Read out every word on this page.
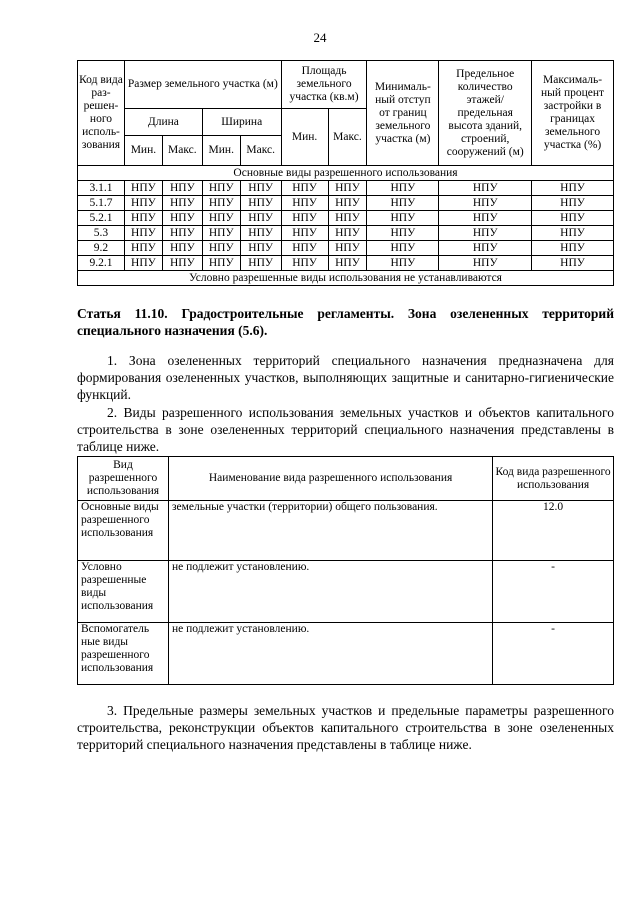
24
Код вида раз-решен-ного исполь-зования	Размер земельного участка (м)				Площадь земельного участка (кв.м)		Минималь-ный отступ от границ земельного участка (м)	Предельное количество этажей/ предельная высота зданий, строений, сооружений (м)	Максималь-ный процент застройки в границах земельного участка (%)
	Длина		Ширина		Мин.	Макс.			
	Мин.	Макс.	Мин.	Макс.					
Основные виды разрешенного использования									
3.1.1	НПУ	НПУ	НПУ	НПУ	НПУ	НПУ	НПУ	НПУ	НПУ
5.1.7	НПУ	НПУ	НПУ	НПУ	НПУ	НПУ	НПУ	НПУ	НПУ
5.2.1	НПУ	НПУ	НПУ	НПУ	НПУ	НПУ	НПУ	НПУ	НПУ
5.3	НПУ	НПУ	НПУ	НПУ	НПУ	НПУ	НПУ	НПУ	НПУ
9.2	НПУ	НПУ	НПУ	НПУ	НПУ	НПУ	НПУ	НПУ	НПУ
9.2.1	НПУ	НПУ	НПУ	НПУ	НПУ	НПУ	НПУ	НПУ	НПУ
Условно разрешенные виды использования не устанавливаются									
Статья 11.10. Градостроительные регламенты. Зона озелененных территорий специального назначения (5.6).
1. Зона озелененных территорий специального назначения предназначена для формирования озелененных участков, выполняющих защитные и санитарно-гигиенические функций.
2. Виды разрешенного использования земельных участков и объектов капитального строительства в зоне озелененных территорий специального назначения представлены в таблице ниже.
Вид разрешенного использования	Наименование вида разрешенного использования	Код вида разрешенного использования
Основные виды разрешенного использования	земельные участки (территории) общего пользования.	12.0
Условно разрешенные виды использования	не подлежит установлению.	-
Вспомогатель ные виды разрешенного использования	не подлежит установлению.	-
3. Предельные размеры земельных участков и предельные параметры разрешенного строительства, реконструкции объектов капитального строительства в зоне озелененных территорий специального назначения представлены в таблице ниже.
